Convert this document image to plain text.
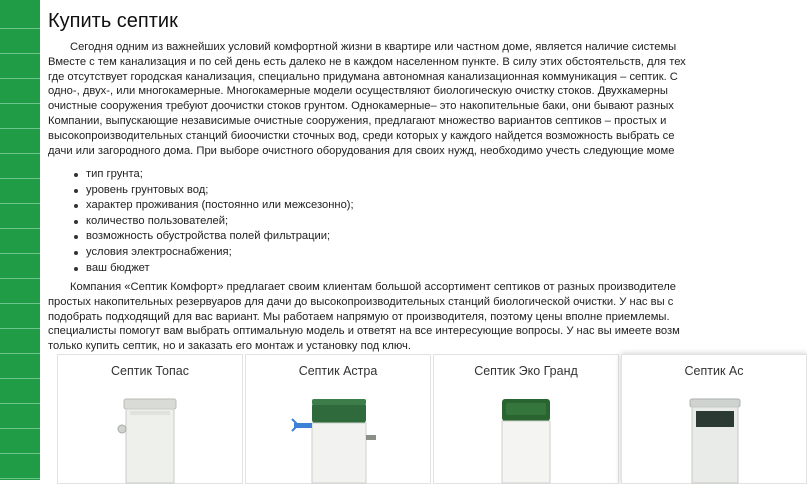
Купить септик
Сегодня одним из важнейших условий комфортной жизни в квартире или частном доме, является наличие системы
Вместе с тем канализация и по сей день есть далеко не в каждом населенном пункте. В силу этих обстоятельств, для тех
где отсутствует городская канализация, специально придумана автономная канализационная коммуникация – септик. С
одно-, двух-, или многокамерные. Многокамерные модели осуществляют биологическую очистку стоков. Двухкамерны
очистные сооружения требуют доочистки стоков грунтом. Однокамерные– это накопительные баки, они бывают разных
Компании, выпускающие независимые очистные сооружения, предлагают множество вариантов септиков – простых и
высокопроизводительных станций биоочистки сточных вод, среди которых у каждого найдется возможность выбрать се
дачи или загородного дома. При выборе очистного оборудования для своих нужд, необходимо учесть следующие моме
тип грунта;
уровень грунтовых вод;
характер проживания (постоянно или межсезонно);
количество пользователей;
возможность обустройства полей фильтрации;
условия электроснабжения;
ваш бюджет
Компания «Септик Комфорт» предлагает своим клиентам большой ассортимент септиков от разных производителе
простых накопительных резервуаров для дачи до высокопроизводительных станций биологической очистки. У нас вы с
подобрать подходящий для вас вариант. Мы работаем напрямую от производителя, поэтому цены вполне приемлемы.
специалисты помогут вам выбрать оптимальную модель и ответят на все интересующие вопросы. У нас вы имеете возм
только купить септик, но и заказать его монтаж и установку под ключ.
Септик Топас	Септик Астра	Септик Эко Гранд	Септик Ас
